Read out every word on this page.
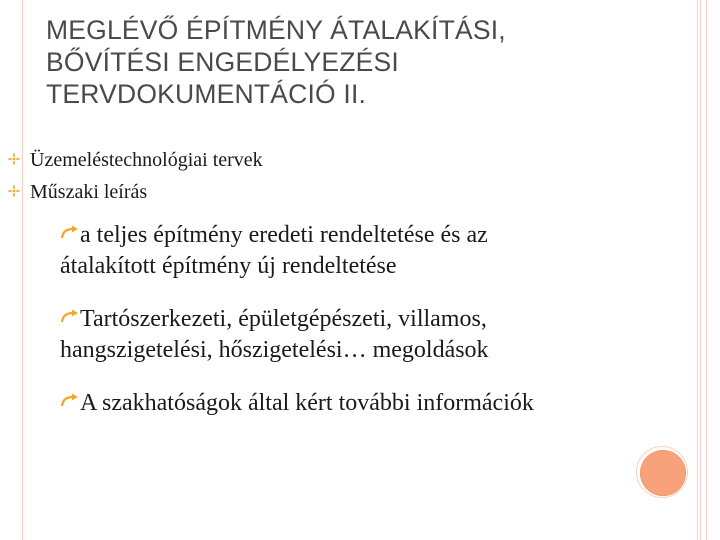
MEGLÉVŐ ÉPÍTMÉNY ÁTALAKÍTÁSI,
BŐVÍTÉSI ENGEDÉLYEZÉSI
TERVDOKUMENTÁCIÓ II.
Üzemeléstechnológiai tervek
Műszaki leírás
a teljes építmény eredeti rendeltetése és az
átalakított építmény új rendeltetése
Tartószerkezeti, épületgépészeti, villamos,
hangszigetelési, hőszigetelési… megoldások
A szakhatóságok által kért további információk
